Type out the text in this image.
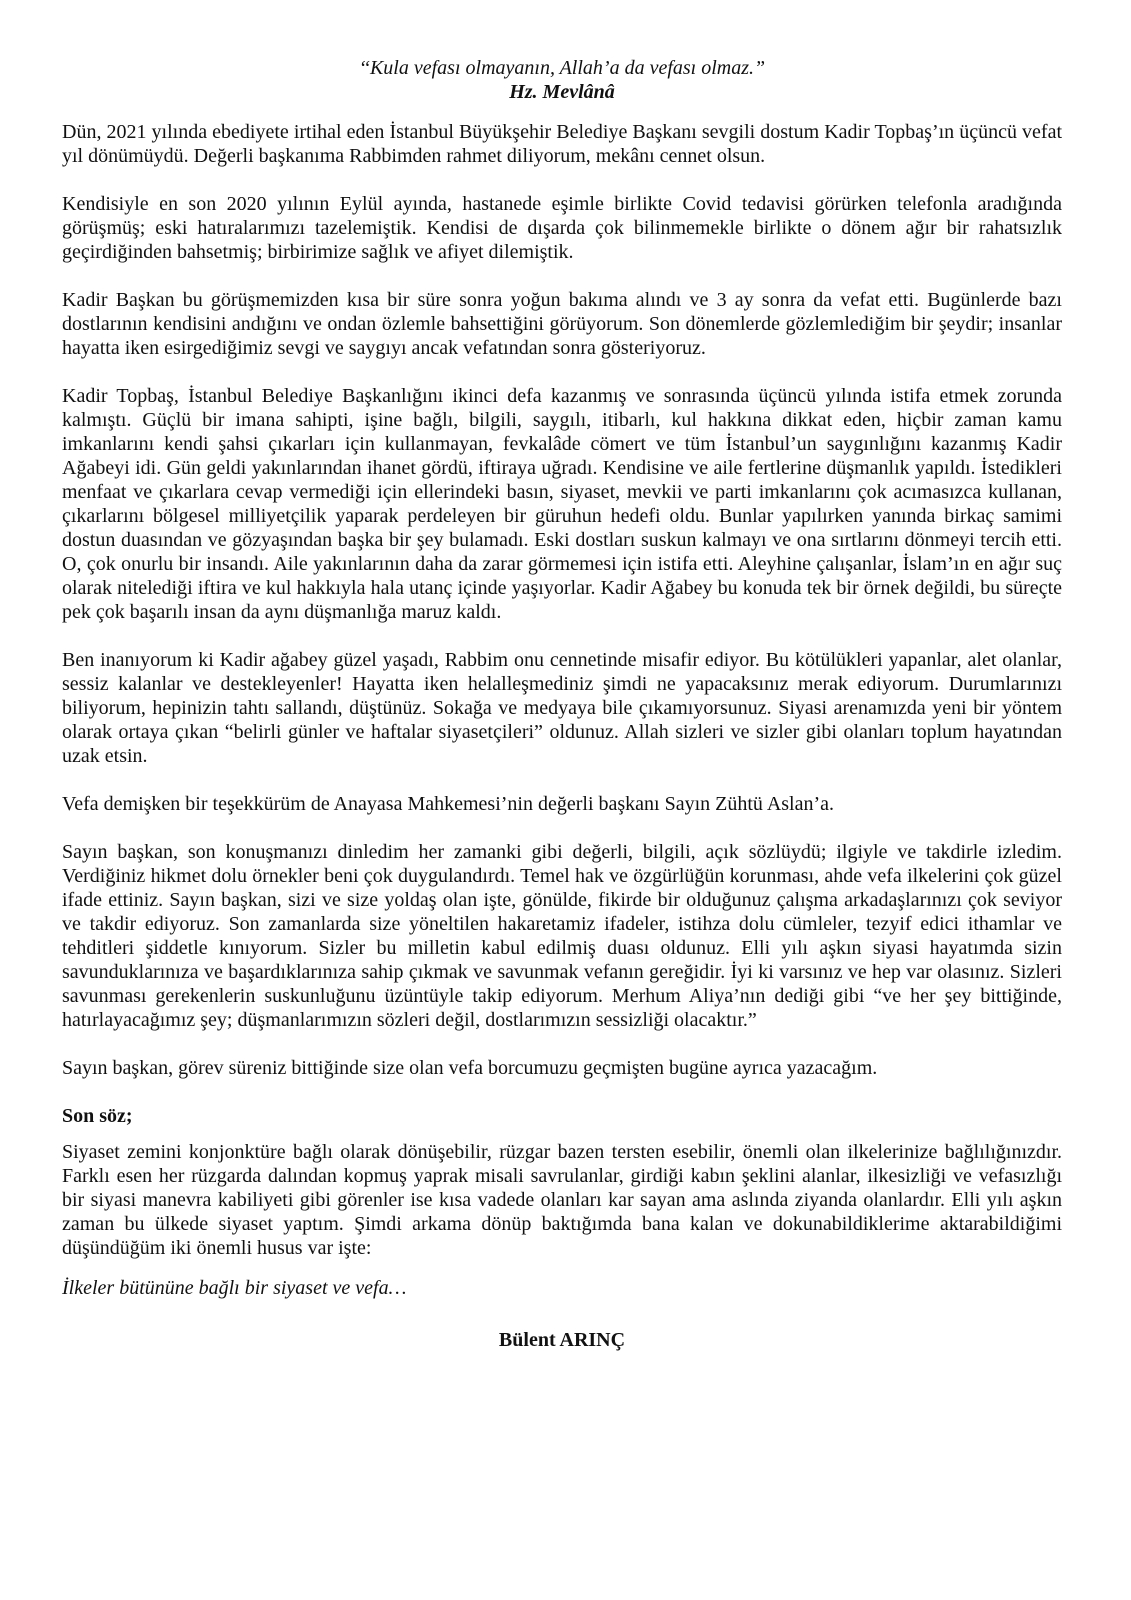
‘‘Kula vefası olmayanın, Allah’a da vefası olmaz.”

Hz. Mevlânâ

Dün, 2021 yılında ebediyete irtihal eden İstanbul Büyükşehir Belediye Başkanı sevgili dostum Kadir Topbaş’ın üçüncü vefat yıl dönümüydü. Değerli başkanıma Rabbimden rahmet diliyorum, mekânı cennet olsun.

Kendisiyle en son 2020 yılının Eylül ayında, hastanede eşimle birlikte Covid tedavisi görürken telefonla aradığında görüşmüş; eski hatıralarımızı tazelemiştik. Kendisi de dışarda çok bilinmemekle birlikte o dönem ağır bir rahatsızlık geçirdiğinden bahsetmiş; birbirimize sağlık ve afiyet dilemiştik.

Kadir Başkan bu görüşmemizden kısa bir süre sonra yoğun bakıma alındı ve 3 ay sonra da vefat etti. Bugünlerde bazı dostlarının kendisini andığını ve ondan özlemle bahsettiğini görüyorum. Son dönemlerde gözlemlediğim bir şeydir; insanlar hayatta iken esirgediğimiz sevgi ve saygıyı ancak vefatından sonra gösteriyoruz.

Kadir Topbaş, İstanbul Belediye Başkanlığını ikinci defa kazanmış ve sonrasında üçüncü yılında istifa etmek zorunda kalmıştı. Güçlü bir imana sahipti, işine bağlı, bilgili, saygılı, itibarlı, kul hakkına dikkat eden, hiçbir zaman kamu imkanlarını kendi şahsi çıkarları için kullanmayan, fevkalâde cömert ve tüm İstanbul’un saygınlığını kazanmış Kadir Ağabeyi idi. Gün geldi yakınlarından ihanet gördü, iftiraya uğradı. Kendisine ve aile fertlerine düşmanlık yapıldı. İstedikleri menfaat ve çıkarlara cevap vermediği için ellerindeki basın, siyaset, mevkii ve parti imkanlarını çok acımasızca kullanan, çıkarlarını bölgesel milliyetçilik yaparak perdeleyen bir güruhun hedefi oldu. Bunlar yapılırken yanında birkaç samimi dostun duasından ve gözyaşından başka bir şey bulamadı. Eski dostları suskun kalmayı ve ona sırtlarını dönmeyi tercih etti. O, çok onurlu bir insandı. Aile yakınlarının daha da zarar görmemesi için istifa etti. Aleyhine çalışanlar, İslam’ın en ağır suç olarak nitelediği iftira ve kul hakkıyla hala utanç içinde yaşıyorlar. Kadir Ağabey bu konuda tek bir örnek değildi, bu süreçte pek çok başarılı insan da aynı düşmanlığa maruz kaldı.

Ben inanıyorum ki Kadir ağabey güzel yaşadı, Rabbim onu cennetinde misafir ediyor. Bu kötülükleri yapanlar, alet olanlar, sessiz kalanlar ve destekleyenler! Hayatta iken helalleşmediniz şimdi ne yapacaksınız merak ediyorum. Durumlarınızı biliyorum, hepinizin tahtı sallandı, düştünüz. Sokağa ve medyaya bile çıkamıyorsunuz. Siyasi arenamızda yeni bir yöntem olarak ortaya çıkan “belirli günler ve haftalar siyasetçileri” oldunuz. Allah sizleri ve sizler gibi olanları toplum hayatından uzak etsin.

Vefa demişken bir teşekkürüm de Anayasa Mahkemesi’nin değerli başkanı Sayın Zühtü Aslan’a.

Sayın başkan, son konuşmanızı dinledim her zamanki gibi değerli, bilgili, açık sözlüydü; ilgiyle ve takdirle izledim. Verdiğiniz hikmet dolu örnekler beni çok duygulandırdı. Temel hak ve özgürlüğün korunması, ahde vefa ilkelerini çok güzel ifade ettiniz. Sayın başkan, sizi ve size yoldaş olan işte, gönülde, fikirde bir olduğunuz çalışma arkadaşlarınızı çok seviyor ve takdir ediyoruz. Son zamanlarda size yöneltilen hakaretamiz ifadeler, istihza dolu cümleler, tezyif edici ithamlar ve tehditleri şiddetle kınıyorum. Sizler bu milletin kabul edilmiş duası oldunuz. Elli yılı aşkın siyasi hayatımda sizin savunduklarınıza ve başardıklarınıza sahip çıkmak ve savunmak vefanın gereğidir. İyi ki varsınız ve hep var olasınız. Sizleri savunması gerekenlerin suskunluğunu üzüntüyle takip ediyorum. Merhum Aliya’nın dediği gibi “ve her şey bittiğinde, hatırlayacağımız şey; düşmanlarımızın sözleri değil, dostlarımızın sessizliği olacaktır.”

Sayın başkan, görev süreniz bittiğinde size olan vefa borcumuzu geçmişten bugüne ayrıca yazacağım.

Son söz;

Siyaset zemini konjonktüre bağlı olarak dönüşebilir, rüzgar bazen tersten esebilir, önemli olan ilkelerinize bağlılığınızdır. Farklı esen her rüzgarda dalından kopmuş yaprak misali savrulanlar, girdiği kabın şeklini alanlar, ilkesizliği ve vefasızlığı bir siyasi manevra kabiliyeti gibi görenler ise kısa vadede olanları kar sayan ama aslında ziyanda olanlardır. Elli yılı aşkın zaman bu ülkede siyaset yaptım. Şimdi arkama dönüp baktığımda bana kalan ve dokunabildiklerime aktarabildiğimi düşündüğüm iki önemli husus var işte:

İlkeler bütününe bağlı bir siyaset ve vefa…

Bülent ARINÇ
